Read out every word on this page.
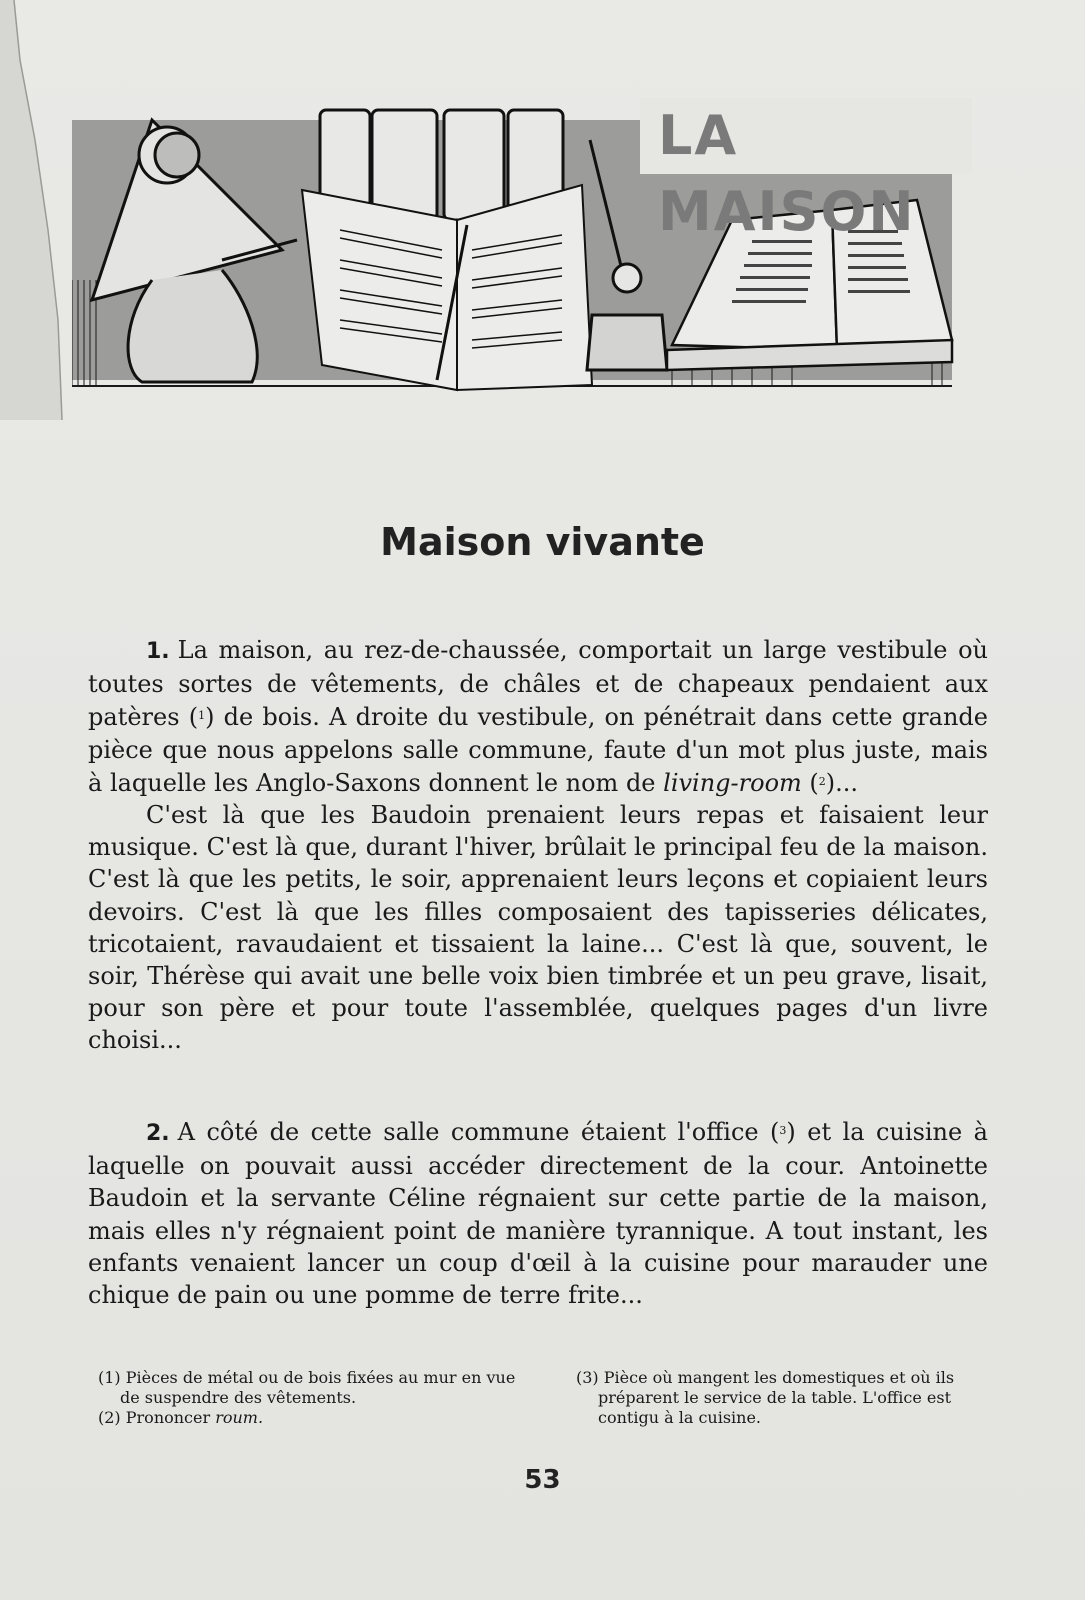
LA MAISON
Maison vivante

1. La maison, au rez-de-chaussée, comportait un large vestibule où toutes sortes de vêtements, de châles et de chapeaux pendaient aux patères ($^1$) de bois. A droite du vestibule, on pénétrait dans cette grande pièce que nous appelons salle commune, faute d'un mot plus juste, mais à laquelle les Anglo-Saxons donnent le nom de living-room ($^2$)...

C'est là que les Baudoin prenaient leurs repas et faisaient leur musique. C'est là que, durant l'hiver, brûlait le principal feu de la maison. C'est là que les petits, le soir, apprenaient leurs leçons et copiaient leurs devoirs. C'est là que les filles composaient des tapisseries délicates, tricotaient, ravaudaient et tissaient la laine... C'est là que, souvent, le soir, Thérèse qui avait une belle voix bien timbrée et un peu grave, lisait, pour son père et pour toute l'assemblée, quelques pages d'un livre choisi...

2. A côté de cette salle commune étaient l'office ($^3$) et la cuisine à laquelle on pouvait aussi accéder directement de la cour. Antoinette Baudoin et la servante Céline régnaient sur cette partie de la maison, mais elles n'y régnaient point de manière tyrannique. A tout instant, les enfants venaient lancer un coup d'œil à la cuisine pour marauder une chique de pain ou une pomme de terre frite...

(1) Pièces de métal ou de bois fixées au mur en vue de suspendre des vêtements.

(2) Prononcer roum.

(3) Pièce où mangent les domestiques et où ils préparent le service de la table. L'office est contigu à la cuisine.

53
